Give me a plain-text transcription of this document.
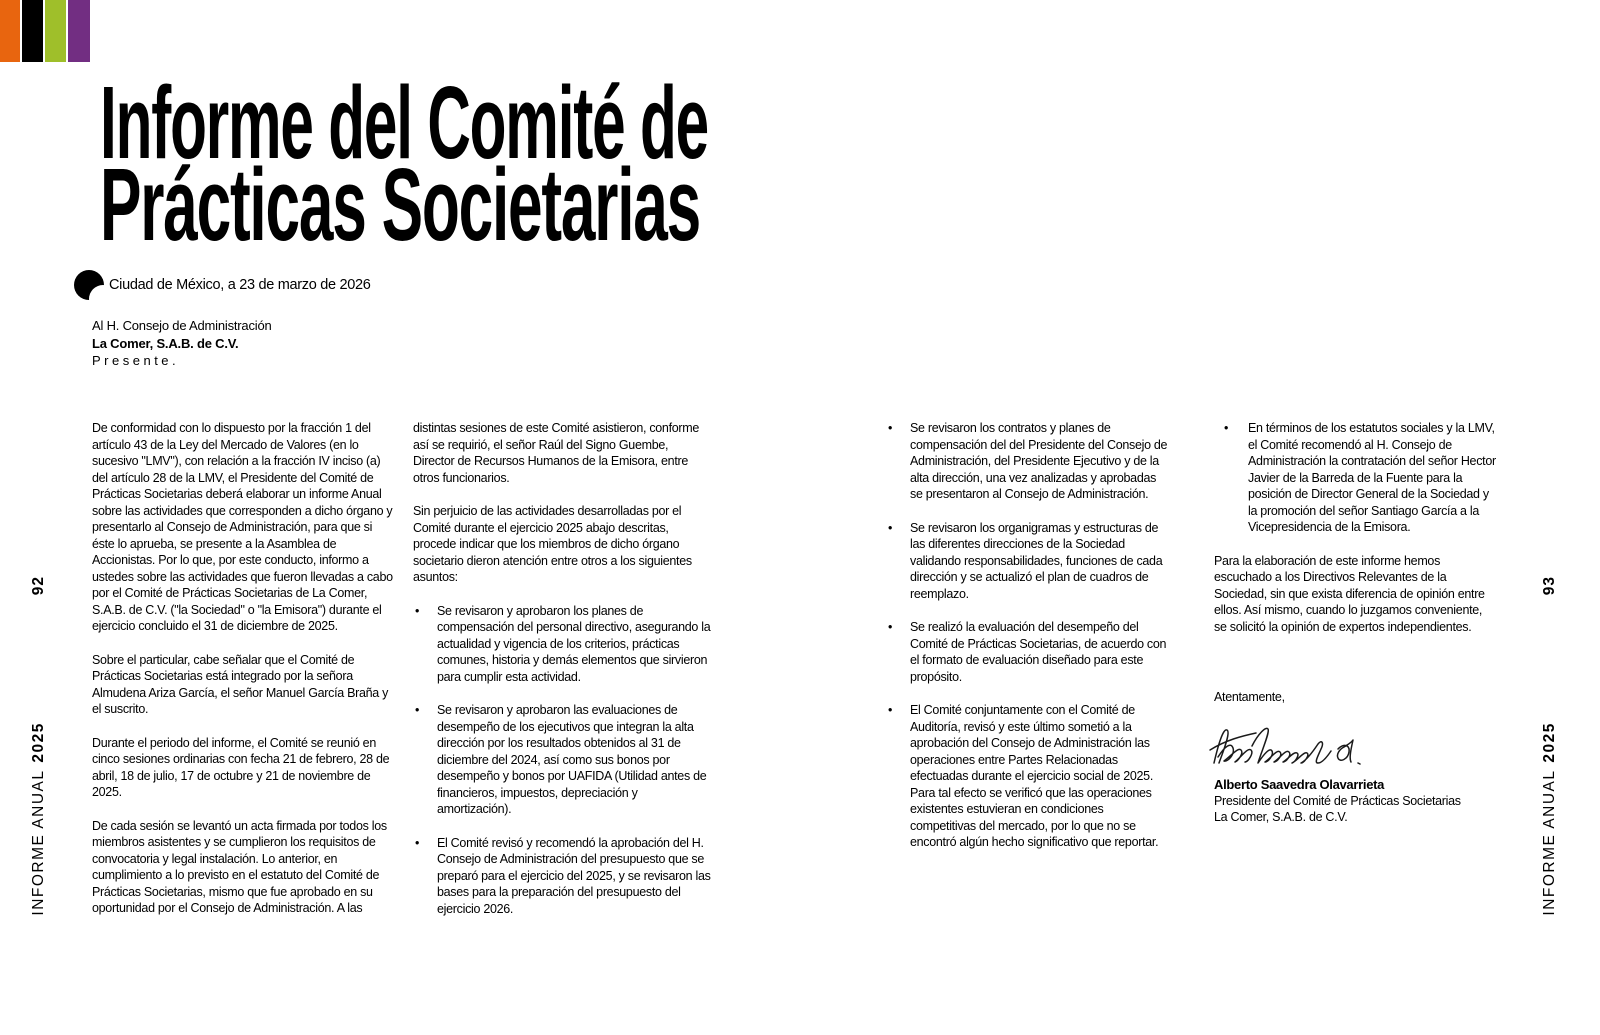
Informe del Comité de
Prácticas Societarias
Ciudad de México, a 23 de marzo de 2026
Al H. Consejo de Administración
La Comer, S.A.B. de C.V.
Presente.

De conformidad con lo dispuesto por la fracción 1 del artículo 43 de la Ley del Mercado de Valores (en lo sucesivo "LMV"), con relación a la fracción IV inciso (a) del artículo 28 de la LMV, el Presidente del Comité de Prácticas Societarias deberá elaborar un informe Anual sobre las actividades que corresponden a dicho órgano y presentarlo al Consejo de Administración, para que si éste lo aprueba, se presente a la Asamblea de Accionistas. Por lo que, por este conducto, informo a ustedes sobre las actividades que fueron llevadas a cabo por el Comité de Prácticas Societarias de La Comer, S.A.B. de C.V. ("la Sociedad" o "la Emisora") durante el ejercicio concluido el 31 de diciembre de 2025.

Sobre el particular, cabe señalar que el Comité de Prácticas Societarias está integrado por la señora Almudena Ariza García, el señor Manuel García Braña y el suscrito.

Durante el periodo del informe, el Comité se reunió en cinco sesiones ordinarias con fecha 21 de febrero, 28 de abril, 18 de julio, 17 de octubre y 21 de noviembre de 2025.

De cada sesión se levantó un acta firmada por todos los miembros asistentes y se cumplieron los requisitos de convocatoria y legal instalación. Lo anterior, en cumplimiento a lo previsto en el estatuto del Comité de Prácticas Societarias, mismo que fue aprobado en su oportunidad por el Consejo de Administración. A las

distintas sesiones de este Comité asistieron, conforme así se requirió, el señor Raúl del Signo Guembe, Director de Recursos Humanos de la Emisora, entre otros funcionarios.

Sin perjuicio de las actividades desarrolladas por el Comité durante el ejercicio 2025 abajo descritas, procede indicar que los miembros de dicho órgano societario dieron atención entre otros a los siguientes asuntos:

• Se revisaron y aprobaron los planes de compensación del personal directivo, asegurando la actualidad y vigencia de los criterios, prácticas comunes, historia y demás elementos que sirvieron para cumplir esta actividad.
• Se revisaron y aprobaron las evaluaciones de desempeño de los ejecutivos que integran la alta dirección por los resultados obtenidos al 31 de diciembre del 2024, así como sus bonos por desempeño y bonos por UAFIDA (Utilidad antes de financieros, impuestos, depreciación y amortización).
• El Comité revisó y recomendó la aprobación del H. Consejo de Administración del presupuesto que se preparó para el ejercicio del 2025, y se revisaron las bases para la preparación del presupuesto del ejercicio 2026.
• Se revisaron los contratos y planes de compensación del del Presidente del Consejo de Administración, del Presidente Ejecutivo y de la alta dirección, una vez analizadas y aprobadas se presentaron al Consejo de Administración.
• Se revisaron los organigramas y estructuras de las diferentes direcciones de la Sociedad validando responsabilidades, funciones de cada dirección y se actualizó el plan de cuadros de reemplazo.
• Se realizó la evaluación del desempeño del Comité de Prácticas Societarias, de acuerdo con el formato de evaluación diseñado para este propósito.
• El Comité conjuntamente con el Comité de Auditoría, revisó y este último sometió a la aprobación del Consejo de Administración las operaciones entre Partes Relacionadas efectuadas durante el ejercicio social de 2025. Para tal efecto se verificó que las operaciones existentes estuvieran en condiciones competitivas del mercado, por lo que no se encontró algún hecho significativo que reportar.
• En términos de los estatutos sociales y la LMV, el Comité recomendó al H. Consejo de Administración la contratación del señor Hector Javier de la Barreda de la Fuente para la posición de Director General de la Sociedad y la promoción del señor Santiago García a la Vicepresidencia de la Emisora.

Para la elaboración de este informe hemos escuchado a los Directivos Relevantes de la Sociedad, sin que exista diferencia de opinión entre ellos. Así mismo, cuando lo juzgamos conveniente, se solicitó la opinión de expertos independientes.

Atentamente,
Alberto Saavedra Olavarrieta
Presidente del Comité de Prácticas Societarias
La Comer, S.A.B. de C.V.
92
INFORME ANUAL2025
93
INFORME ANUAL2025
